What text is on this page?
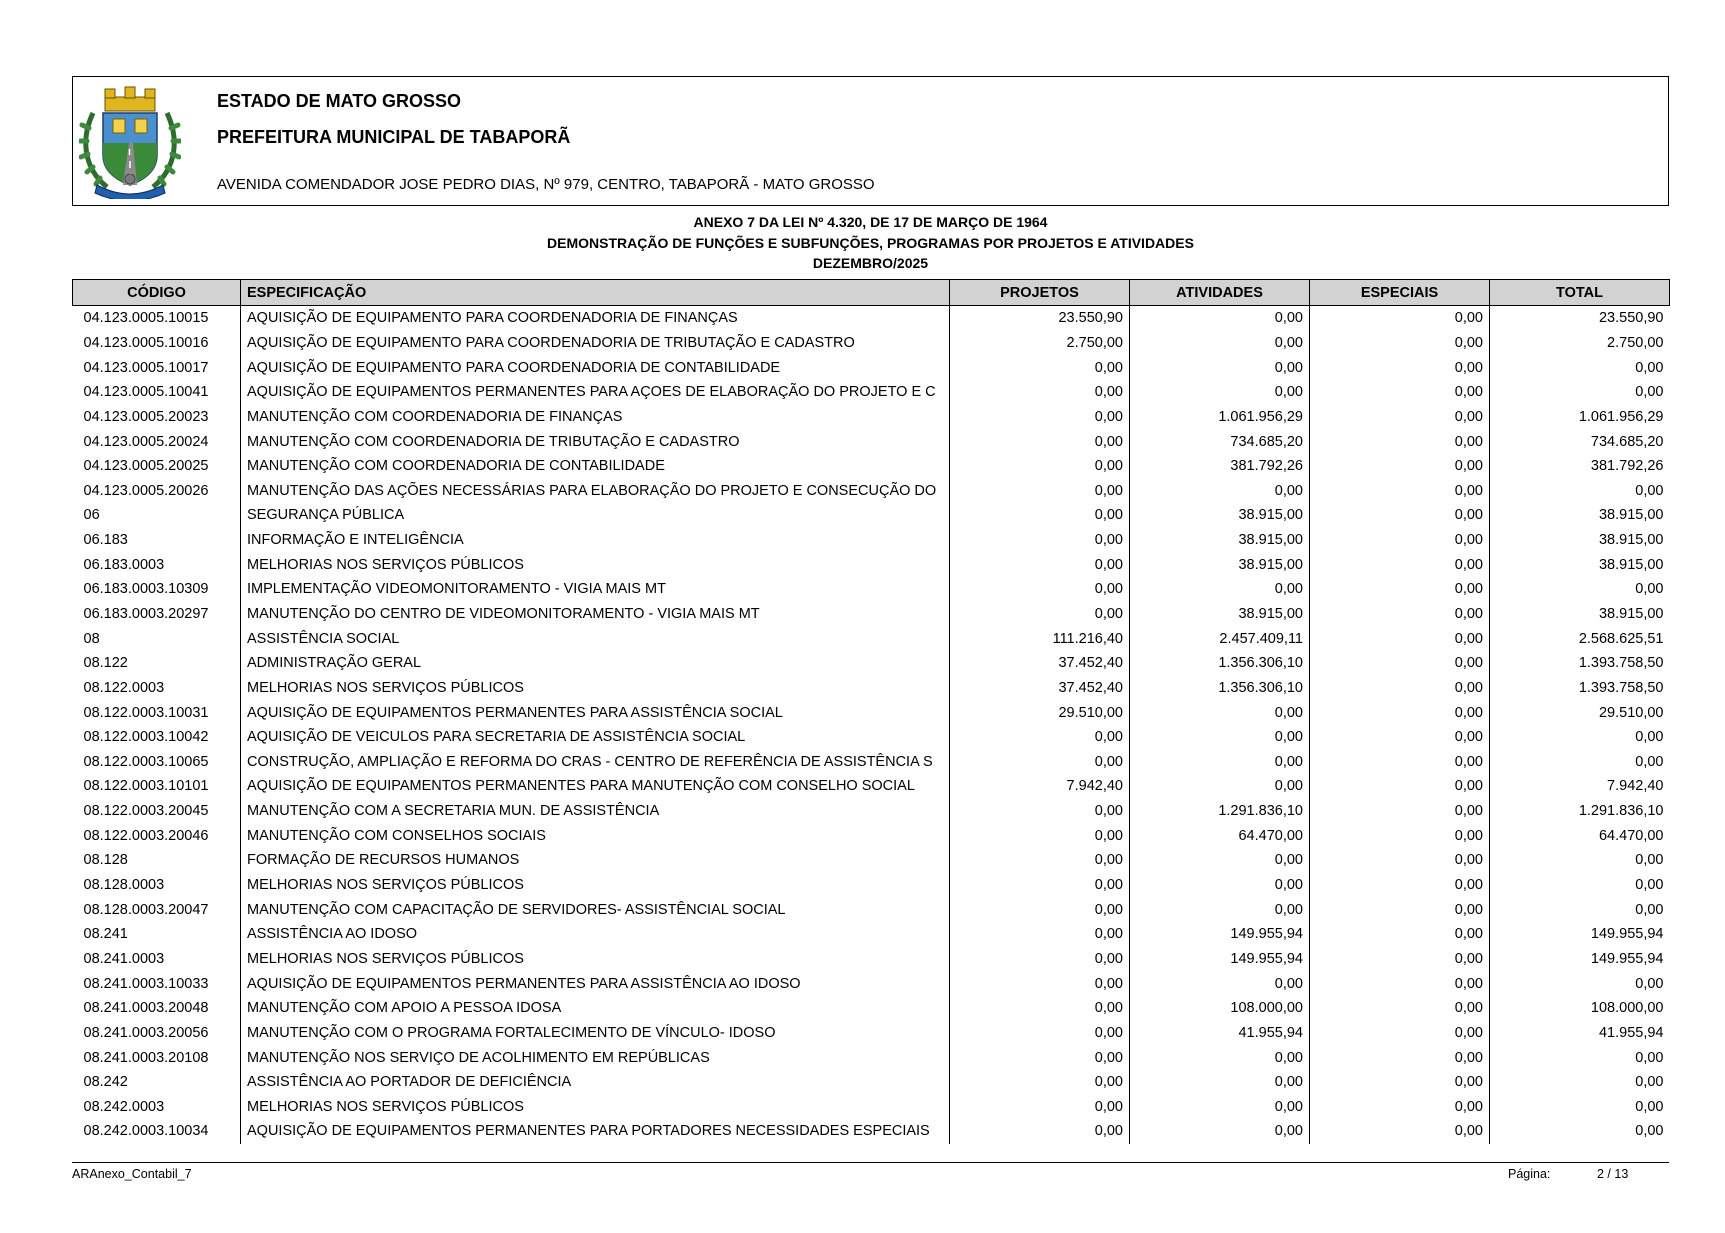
ESTADO DE MATO GROSSO
PREFEITURA MUNICIPAL DE TABAPORÃ
AVENIDA COMENDADOR JOSE PEDRO DIAS, Nº 979, CENTRO, TABAPORÃ - MATO GROSSO
ANEXO 7 DA LEI Nº 4.320, DE 17 DE MARÇO DE 1964
DEMONSTRAÇÃO DE FUNÇÕES E SUBFUNÇÕES, PROGRAMAS POR PROJETOS E ATIVIDADES
DEZEMBRO/2025
CÓDIGO	ESPECIFICAÇÃO	PROJETOS	ATIVIDADES	ESPECIAIS	TOTAL
04.123.0005.10015	AQUISIÇÃO DE EQUIPAMENTO PARA COORDENADORIA DE FINANÇAS	23.550,90	0,00	0,00	23.550,90
04.123.0005.10016	AQUISIÇÃO DE EQUIPAMENTO PARA COORDENADORIA DE TRIBUTAÇÃO E CADASTRO	2.750,00	0,00	0,00	2.750,00
04.123.0005.10017	AQUISIÇÃO DE EQUIPAMENTO PARA COORDENADORIA DE CONTABILIDADE	0,00	0,00	0,00	0,00
04.123.0005.10041	AQUISIÇÃO DE EQUIPAMENTOS PERMANENTES PARA AÇOES DE ELABORAÇÃO DO PROJETO E C	0,00	0,00	0,00	0,00
04.123.0005.20023	MANUTENÇÃO COM COORDENADORIA DE FINANÇAS	0,00	1.061.956,29	0,00	1.061.956,29
04.123.0005.20024	MANUTENÇÃO COM COORDENADORIA DE TRIBUTAÇÃO E CADASTRO	0,00	734.685,20	0,00	734.685,20
04.123.0005.20025	MANUTENÇÃO COM COORDENADORIA DE CONTABILIDADE	0,00	381.792,26	0,00	381.792,26
04.123.0005.20026	MANUTENÇÃO DAS AÇÕES NECESSÁRIAS PARA ELABORAÇÃO DO PROJETO E CONSECUÇÃO DO	0,00	0,00	0,00	0,00
06	SEGURANÇA PÚBLICA	0,00	38.915,00	0,00	38.915,00
06.183	INFORMAÇÃO E INTELIGÊNCIA	0,00	38.915,00	0,00	38.915,00
06.183.0003	MELHORIAS NOS SERVIÇOS PÚBLICOS	0,00	38.915,00	0,00	38.915,00
06.183.0003.10309	IMPLEMENTAÇÃO VIDEOMONITORAMENTO - VIGIA MAIS MT	0,00	0,00	0,00	0,00
06.183.0003.20297	MANUTENÇÃO DO CENTRO DE VIDEOMONITORAMENTO - VIGIA MAIS MT	0,00	38.915,00	0,00	38.915,00
08	ASSISTÊNCIA SOCIAL	111.216,40	2.457.409,11	0,00	2.568.625,51
08.122	ADMINISTRAÇÃO GERAL	37.452,40	1.356.306,10	0,00	1.393.758,50
08.122.0003	MELHORIAS NOS SERVIÇOS PÚBLICOS	37.452,40	1.356.306,10	0,00	1.393.758,50
08.122.0003.10031	AQUISIÇÃO DE EQUIPAMENTOS PERMANENTES PARA ASSISTÊNCIA SOCIAL	29.510,00	0,00	0,00	29.510,00
08.122.0003.10042	AQUISIÇÃO DE VEICULOS PARA SECRETARIA DE ASSISTÊNCIA SOCIAL	0,00	0,00	0,00	0,00
08.122.0003.10065	CONSTRUÇÃO, AMPLIAÇÃO E REFORMA DO CRAS - CENTRO DE REFERÊNCIA DE ASSISTÊNCIA S	0,00	0,00	0,00	0,00
08.122.0003.10101	AQUISIÇÃO DE EQUIPAMENTOS PERMANENTES PARA MANUTENÇÃO COM CONSELHO SOCIAL	7.942,40	0,00	0,00	7.942,40
08.122.0003.20045	MANUTENÇÃO COM A SECRETARIA MUN. DE ASSISTÊNCIA	0,00	1.291.836,10	0,00	1.291.836,10
08.122.0003.20046	MANUTENÇÃO COM CONSELHOS SOCIAIS	0,00	64.470,00	0,00	64.470,00
08.128	FORMAÇÃO DE RECURSOS HUMANOS	0,00	0,00	0,00	0,00
08.128.0003	MELHORIAS NOS SERVIÇOS PÚBLICOS	0,00	0,00	0,00	0,00
08.128.0003.20047	MANUTENÇÃO COM CAPACITAÇÃO DE SERVIDORES- ASSISTÊNCIAL SOCIAL	0,00	0,00	0,00	0,00
08.241	ASSISTÊNCIA AO IDOSO	0,00	149.955,94	0,00	149.955,94
08.241.0003	MELHORIAS NOS SERVIÇOS PÚBLICOS	0,00	149.955,94	0,00	149.955,94
08.241.0003.10033	AQUISIÇÃO DE EQUIPAMENTOS PERMANENTES PARA ASSISTÊNCIA AO IDOSO	0,00	0,00	0,00	0,00
08.241.0003.20048	MANUTENÇÃO COM APOIO A PESSOA IDOSA	0,00	108.000,00	0,00	108.000,00
08.241.0003.20056	MANUTENÇÃO COM O PROGRAMA FORTALECIMENTO DE VÍNCULO- IDOSO	0,00	41.955,94	0,00	41.955,94
08.241.0003.20108	MANUTENÇÃO NOS SERVIÇO DE ACOLHIMENTO EM REPÚBLICAS	0,00	0,00	0,00	0,00
08.242	ASSISTÊNCIA AO PORTADOR DE DEFICIÊNCIA	0,00	0,00	0,00	0,00
08.242.0003	MELHORIAS NOS SERVIÇOS PÚBLICOS	0,00	0,00	0,00	0,00
08.242.0003.10034	AQUISIÇÃO DE EQUIPAMENTOS PERMANENTES PARA PORTADORES NECESSIDADES ESPECIAIS	0,00	0,00	0,00	0,00
ARAnexo_Contabil_7	Página:	2 / 13
